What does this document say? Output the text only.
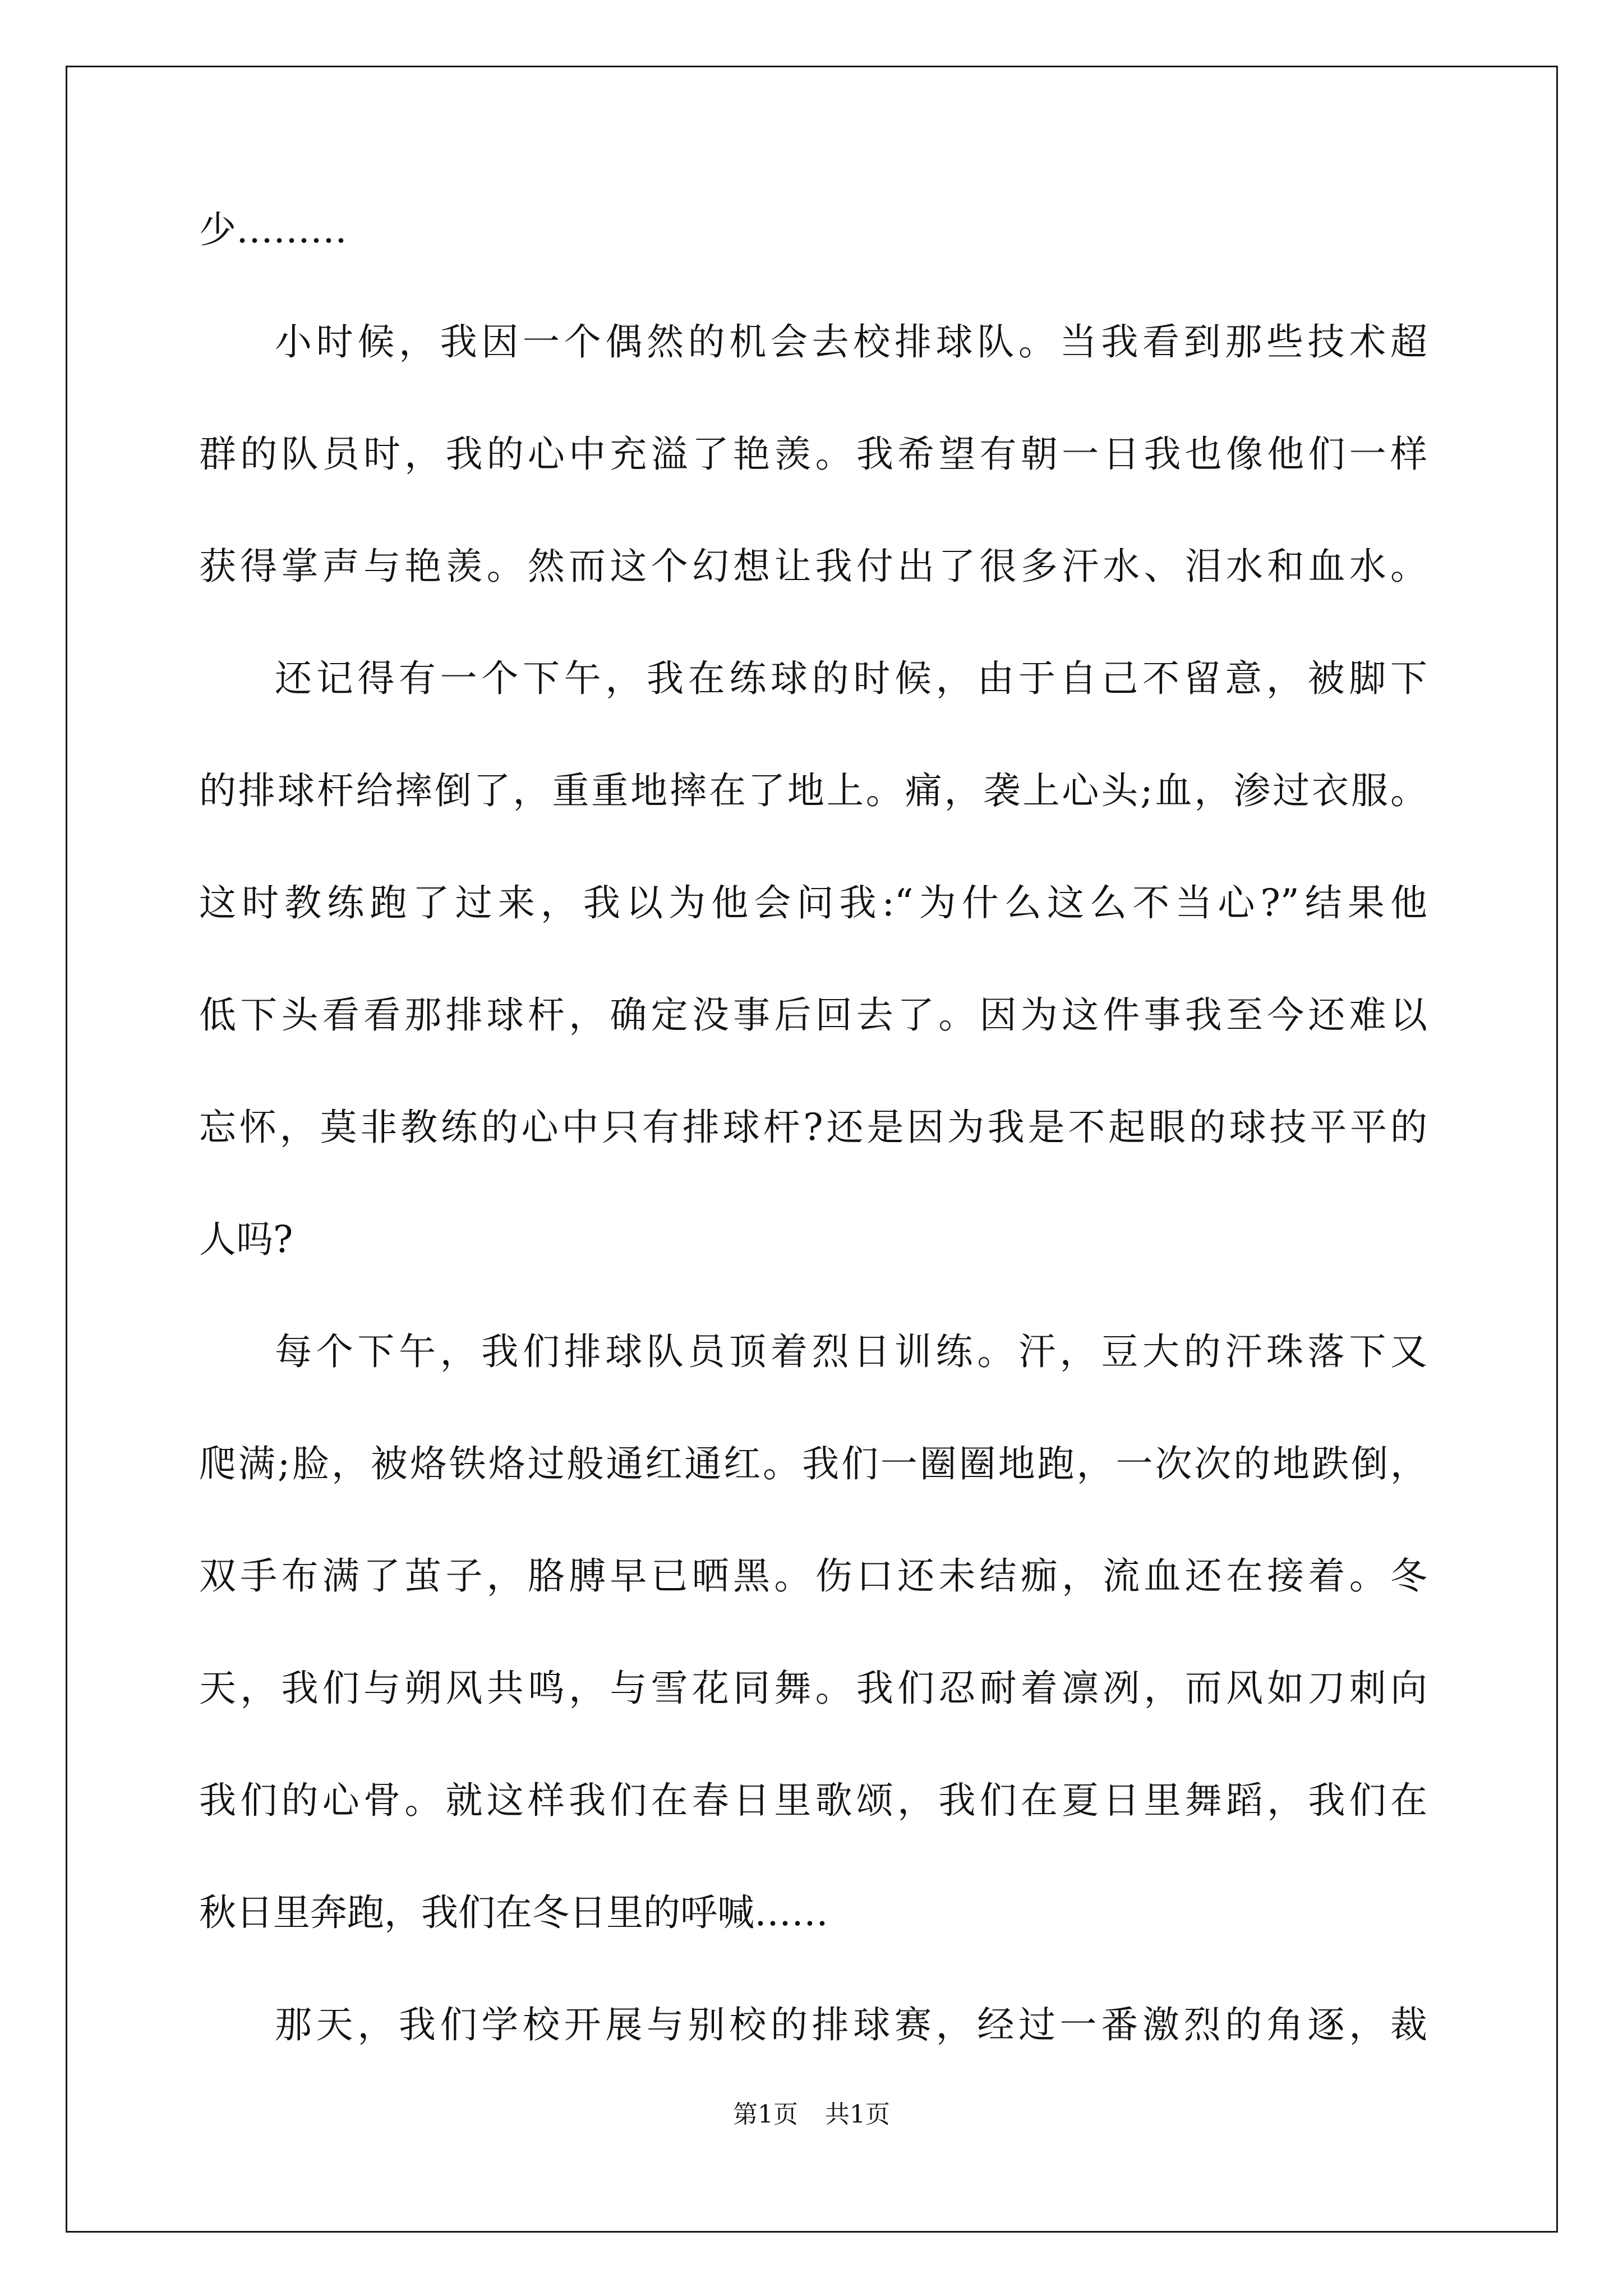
少………
小时候，我因一个偶然的机会去校排球队。当我看到那些技术超
群的队员时，我的心中充溢了艳羡。我希望有朝一日我也像他们一样
获得掌声与艳羡。然而这个幻想让我付出了很多汗水、泪水和血水。
还记得有一个下午，我在练球的时候，由于自己不留意，被脚下
的排球杆给摔倒了，重重地摔在了地上。痛，袭上心头;血，渗过衣服。
这时教练跑了过来，我以为他会问我:“为什么这么不当心?”结果他
低下头看看那排球杆，确定没事后回去了。因为这件事我至今还难以
忘怀，莫非教练的心中只有排球杆?还是因为我是不起眼的球技平平的
人吗?
每个下午，我们排球队员顶着烈日训练。汗，豆大的汗珠落下又
爬满;脸，被烙铁烙过般通红通红。我们一圈圈地跑，一次次的地跌倒，
双手布满了茧子，胳膊早已晒黑。伤口还未结痂，流血还在接着。冬
天，我们与朔风共鸣，与雪花同舞。我们忍耐着凛冽，而风如刀刺向
我们的心骨。就这样我们在春日里歌颂，我们在夏日里舞蹈，我们在
秋日里奔跑，我们在冬日里的呼喊……
那天，我们学校开展与别校的排球赛，经过一番激烈的角逐，裁
第1页 共1页
